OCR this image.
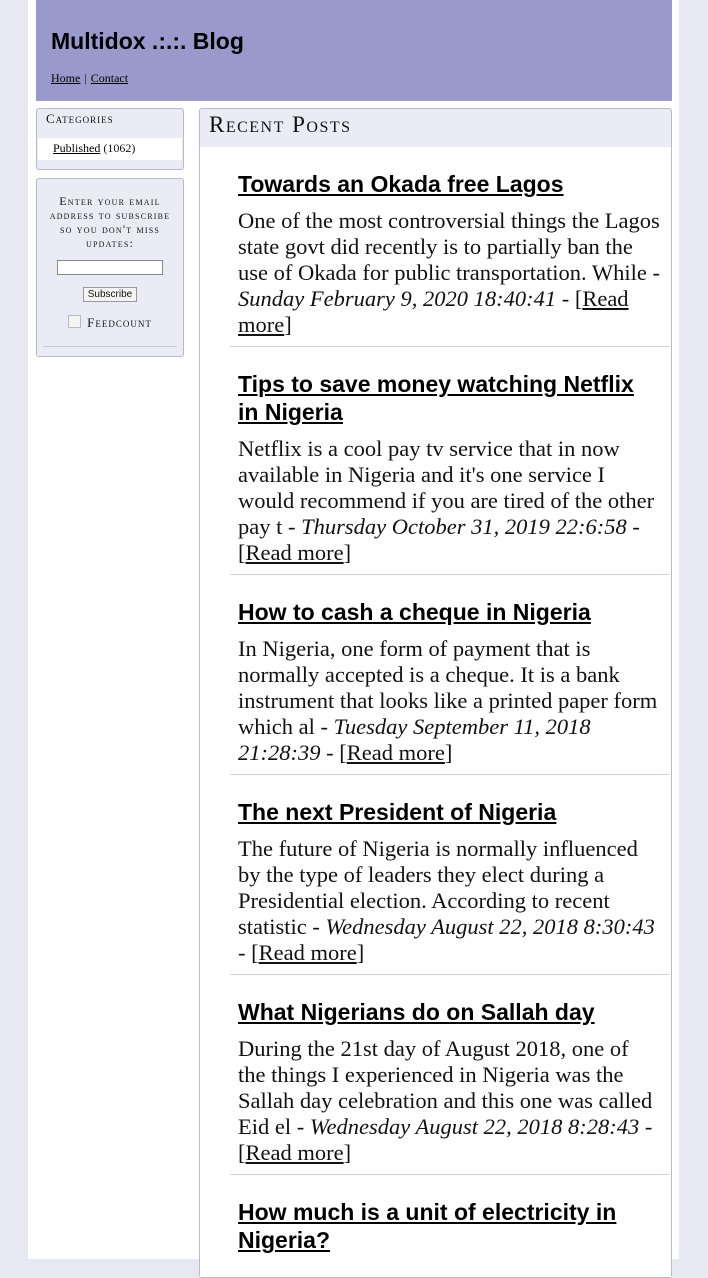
Multidox .:.:. Blog
Home | Contact
Categories
Published (1062)
Enter your email address to subscribe so you don't miss updates:
Subscribe
Feedcount
Recent Posts
Towards an Okada free Lagos

One of the most controversial things the Lagos state govt did recently is to partially ban the use of Okada for public transportation. While - Sunday February 9, 2020 18:40:41 - [Read more]

Tips to save money watching Netflix in Nigeria

Netflix is a cool pay tv service that in now available in Nigeria and it's one service I would recommend if you are tired of the other pay t - Thursday October 31, 2019 22:6:58 - [Read more]

How to cash a cheque in Nigeria

In Nigeria, one form of payment that is normally accepted is a cheque. It is a bank instrument that looks like a printed paper form which al - Tuesday September 11, 2018 21:28:39 - [Read more]

The next President of Nigeria

The future of Nigeria is normally influenced by the type of leaders they elect during a Presidential election. According to recent statistic - Wednesday August 22, 2018 8:30:43 - [Read more]

What Nigerians do on Sallah day

During the 21st day of August 2018, one of the things I experienced in Nigeria was the Sallah day celebration and this one was called Eid el - Wednesday August 22, 2018 8:28:43 - [Read more]

How much is a unit of electricity in Nigeria?
